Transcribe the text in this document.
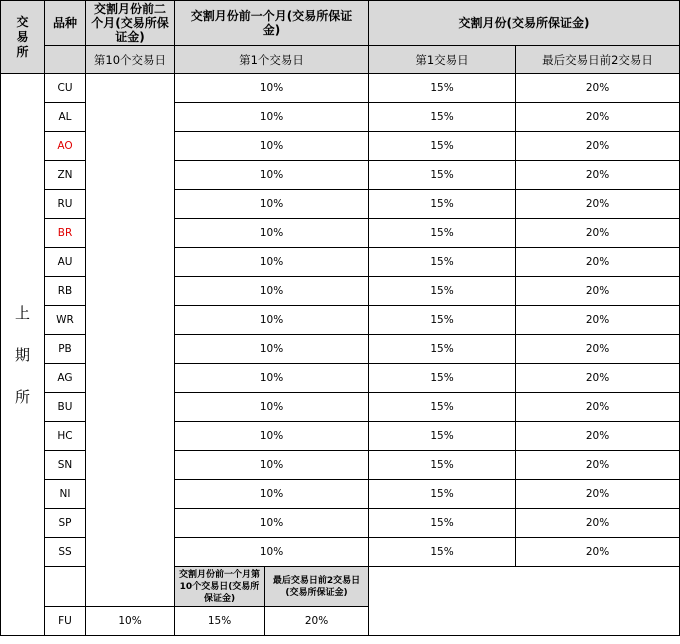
交易所	品种	交割月份前二个月(交易所保证金)	交割月份前一个月(交易所保证金)		交割月份(交易所保证金)	
		第10个交易日	第1个交易日		第1交易日	最后交易日前2交易日

上
期
所	CU		10%		15%	20%
	AL		10%		15%	20%
	AO		10%		15%	20%
	ZN		10%		15%	20%
	RU		10%		15%	20%
	BR		10%		15%	20%
	AU		10%		15%	20%
	RB		10%		15%	20%
	WR		10%		15%	20%
	PB		10%		15%	20%
	AG		10%		15%	20%
	BU		10%		15%	20%
	HC		10%		15%	20%
	SN		10%		15%	20%
	NI		10%		15%	20%
	SP		10%		15%	20%
	SS		10%		15%	20%

			交割月份前一个月第10个交易日(交易所保证金)	最后交易日前2交易日(交易所保证金)		

	FU	10%	15%	20%		
